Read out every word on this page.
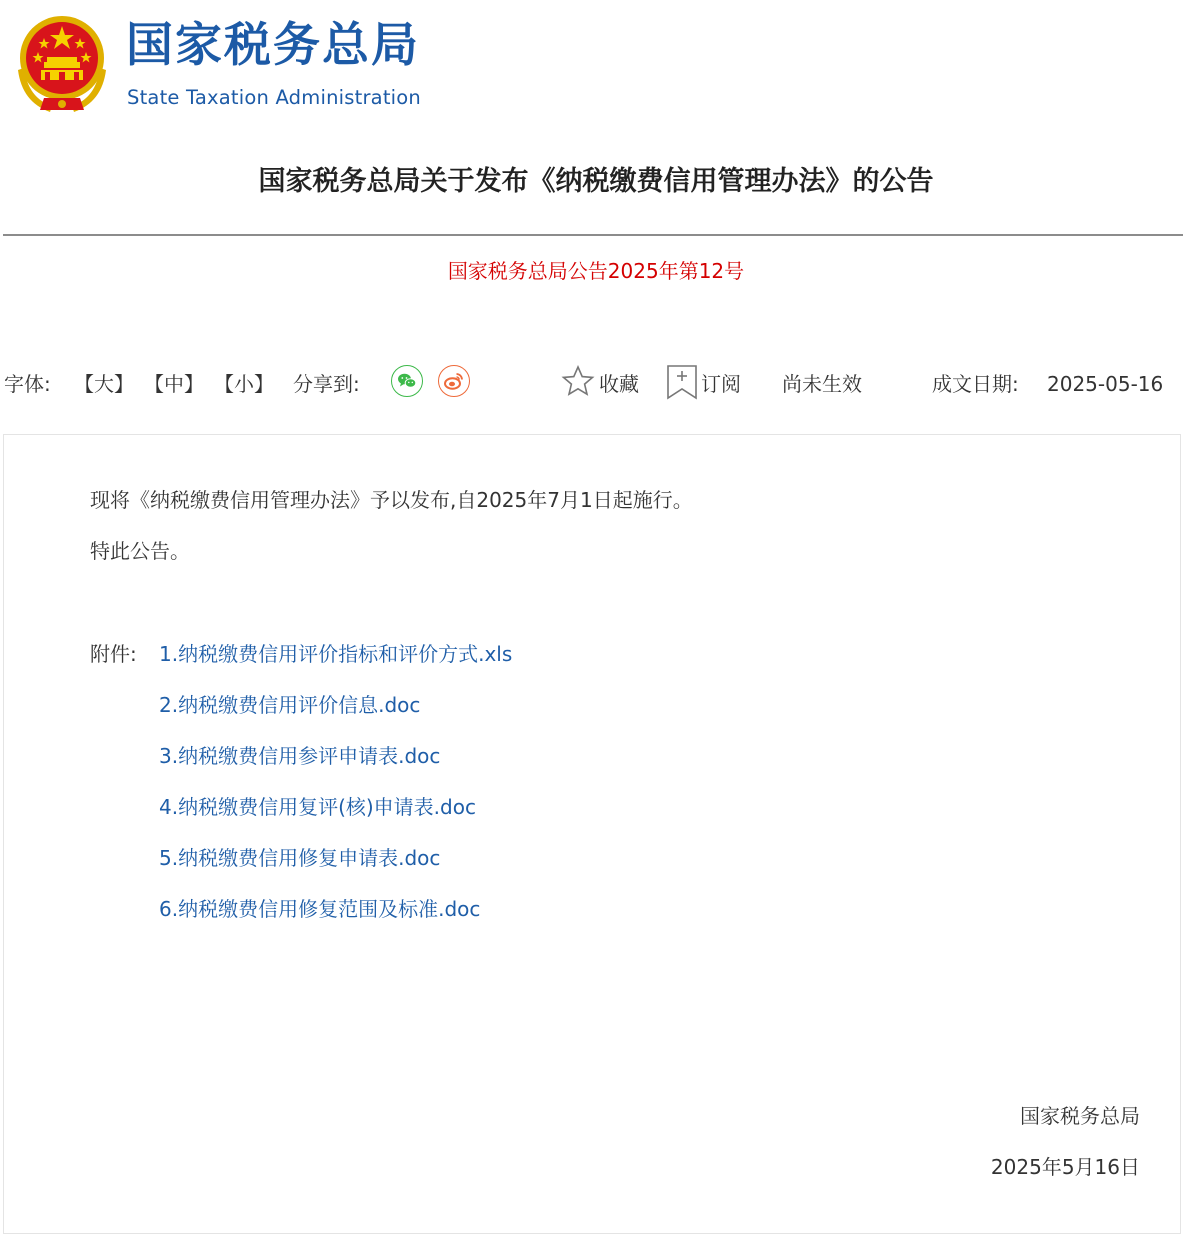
国家税务总局
State Taxation Administration
国家税务总局关于发布《纳税缴费信用管理办法》的公告
国家税务总局公告2025年第12号
字体: 【大】 【中】 【小】 分享到:	收藏	订阅 尚未生效	成文日期: 2025-05-16
现将《纳税缴费信用管理办法》予以发布,自2025年7月1日起施行。
特此公告。
附件: 1.纳税缴费信用评价指标和评价方式.xls
2.纳税缴费信用评价信息.doc
3.纳税缴费信用参评申请表.doc
4.纳税缴费信用复评(核)申请表.doc
5.纳税缴费信用修复申请表.doc
6.纳税缴费信用修复范围及标准.doc
国家税务总局
2025年5月16日
